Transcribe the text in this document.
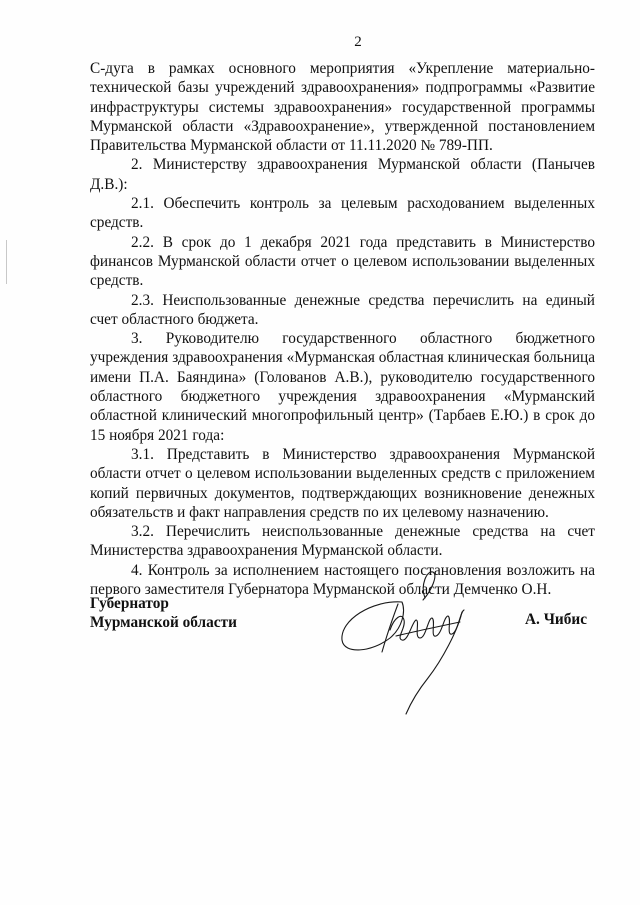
2

С-дуга в рамках основного мероприятия «Укрепление материально-технической базы учреждений здравоохранения» подпрограммы «Развитие инфраструктуры системы здравоохранения» государственной программы Мурманской области «Здравоохранение», утвержденной постановлением Правительства Мурманской области от 11.11.2020 № 789-ПП.

2. Министерству здравоохранения Мурманской области (Панычев Д.В.):

2.1. Обеспечить контроль за целевым расходованием выделенных средств.

2.2. В срок до 1 декабря 2021 года представить в Министерство финансов Мурманской области отчет о целевом использовании выделенных средств.

2.3. Неиспользованные денежные средства перечислить на единый счет областного бюджета.

3. Руководителю государственного областного бюджетного учреждения здравоохранения «Мурманская областная клиническая больница имени П.А. Баяндина» (Голованов А.В.), руководителю государственного областного бюджетного учреждения здравоохранения «Мурманский областной клинический многопрофильный центр» (Тарбаев Е.Ю.) в срок до 15 ноября 2021 года:

3.1. Представить в Министерство здравоохранения Мурманской области отчет о целевом использовании выделенных средств с приложением копий первичных документов, подтверждающих возникновение денежных обязательств и факт направления средств по их целевому назначению.

3.2. Перечислить неиспользованные денежные средства на счет Министерства здравоохранения Мурманской области.

4. Контроль за исполнением настоящего постановления возложить на первого заместителя Губернатора Мурманской области Демченко О.Н.

Губернатор
Мурманской области	А. Чибис
